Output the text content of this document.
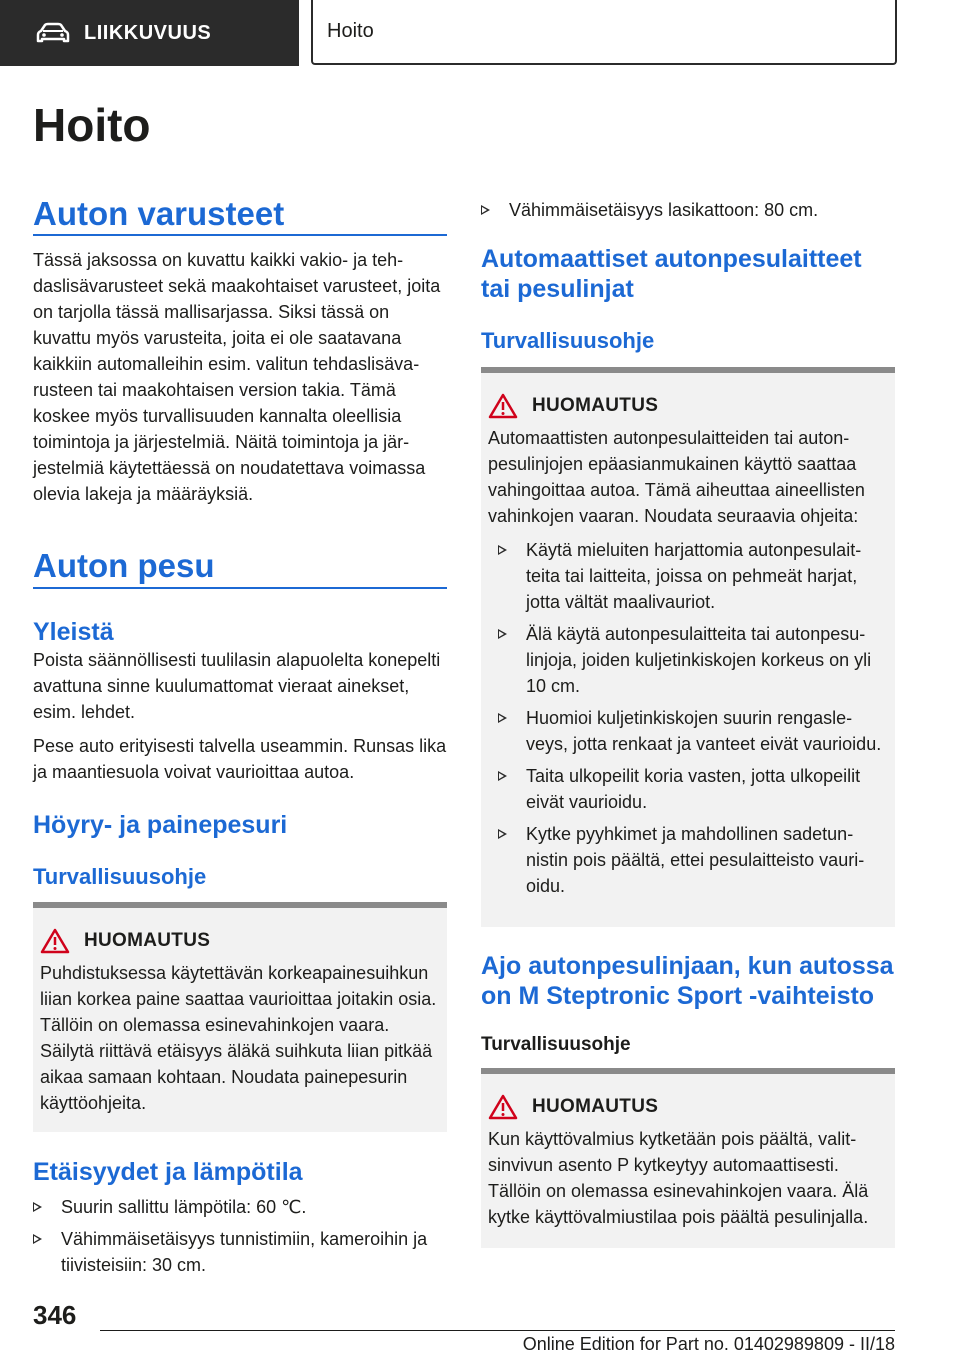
LIIKKUVUUS	Hoito
Hoito
Auton varusteet

Tässä jaksossa on kuvattu kaikki vakio- ja tehdaslisävarusteet sekä maakohtaiset varusteet, joita on tarjolla tässä mallisarjassa. Siksi tässä on kuvattu myös varusteita, joita ei ole saatavana kaikkiin automalleihin esim. valitun tehdaslisävarusteen tai maakohtaisen version takia. Tämä koskee myös turvallisuuden kannalta oleellisia toimintoja ja järjestelmiä. Näitä toimintoja ja järjestelmiä käytettäessä on noudatettava voimassa olevia lakeja ja määräyksiä.

Auton pesu
Yleistä

Poista säännöllisesti tuulilasin alapuolelta konepelti avattuna sinne kuulumattomat vieraat ainekset, esim. lehdet.

Pese auto erityisesti talvella useammin. Runsas lika ja maantiesuola voivat vaurioittaa autoa.

Höyry- ja painepesuri
Turvallisuusohje
HUOMAUTUS

Puhdistuksessa käytettävän korkeapainesuihkun liian korkea paine saattaa vaurioittaa joitakin osia. Tällöin on olemassa esinevahinkojen vaara. Säilytä riittävä etäisyys äläkä suihkuta liian pitkää aikaa samaan kohtaan. Noudata painepesurin käyttöohjeita.

Etäisyydet ja lämpötila
Suurin sallittu lämpötila: 60 ℃.
Vähimmäisetäisyys tunnistimiin, kameroihin ja tiivisteisiin: 30 cm.
Vähimmäisetäisyys lasikattoon: 80 cm.
Automaattiset autonpesulaitteet tai pesulinjat
Turvallisuusohje
HUOMAUTUS

Automaattisten autonpesulaitteiden tai autonpesulinjojen epäasianmukainen käyttö saattaa vahingoittaa autoa. Tämä aiheuttaa aineellisten vahinkojen vaaran. Noudata seuraavia ohjeita:

Käytä mieluiten harjattomia autonpesulaitteita tai laitteita, joissa on pehmeät harjat, jotta vältät maalivauriot.
Älä käytä autonpesulaitteita tai autonpesulinjoja, joiden kuljetinkiskojen korkeus on yli 10 cm.
Huomioi kuljetinkiskojen suurin rengasleveys, jotta renkaat ja vanteet eivät vaurioidu.
Taita ulkopeilit koria vasten, jotta ulkopeilit eivät vaurioidu.
Kytke pyyhkimet ja mahdollinen sadetunnistin pois päältä, ettei pesulaitteisto vaurioidu.
Ajo autonpesulinjaan, kun autossa on M Steptronic Sport -vaihteisto
Turvallisuusohje
HUOMAUTUS

Kun käyttövalmius kytketään pois päältä, valitsinvivun asento P kytkeytyy automaattisesti. Tällöin on olemassa esinevahinkojen vaara. Älä kytke käyttövalmiustilaa pois päältä pesulinjalla.

346
Online Edition for Part no. 01402989809 - II/18
